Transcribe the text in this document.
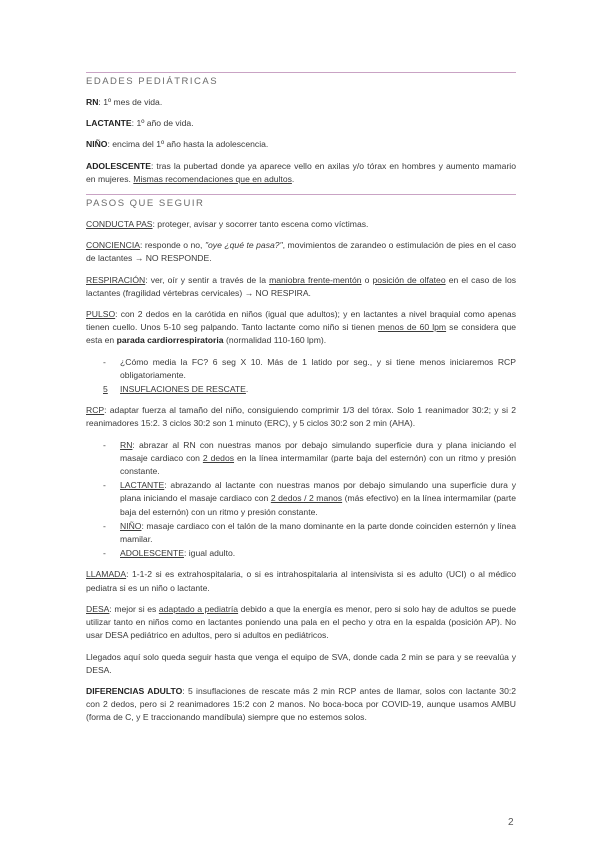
EDADES PEDIÁTRICAS

RN: 1º mes de vida.

LACTANTE: 1º año de vida.

NIÑO: encima del 1º año hasta la adolescencia.

ADOLESCENTE: tras la pubertad donde ya aparece vello en axilas y/o tórax en hombres y aumento mamario en mujeres. Mismas recomendaciones que en adultos.

PASOS QUE SEGUIR

CONDUCTA PAS: proteger, avisar y socorrer tanto escena como víctimas.

CONCIENCIA: responde o no, "oye ¿qué te pasa?", movimientos de zarandeo o estimulación de pies en el caso de lactantes → NO RESPONDE.

RESPIRACIÓN: ver, oír y sentir a través de la maniobra frente-mentón o posición de olfateo en el caso de los lactantes (fragilidad vértebras cervicales) → NO RESPIRA.

PULSO: con 2 dedos en la carótida en niños (igual que adultos); y en lactantes a nivel braquial como apenas tienen cuello. Unos 5-10 seg palpando. Tanto lactante como niño si tienen menos de 60 lpm se considera que esta en parada cardiorrespiratoria (normalidad 110-160 lpm).

- ¿Cómo media la FC? 6 seg X 10. Más de 1 latido por seg., y si tiene menos iniciaremos RCP obligatoriamente.
5 INSUFLACIONES DE RESCATE.

RCP: adaptar fuerza al tamaño del niño, consiguiendo comprimir 1/3 del tórax. Solo 1 reanimador 30:2; y si 2 reanimadores 15:2. 3 ciclos 30:2 son 1 minuto (ERC), y 5 ciclos 30:2 son 2 min (AHA).

- RN: abrazar al RN con nuestras manos por debajo simulando superficie dura y plana iniciando el masaje cardiaco con 2 dedos en la línea intermamilar (parte baja del esternón) con un ritmo y presión constante.
- LACTANTE: abrazando al lactante con nuestras manos por debajo simulando una superficie dura y plana iniciando el masaje cardiaco con 2 dedos / 2 manos (más efectivo) en la línea intermamilar (parte baja del esternón) con un ritmo y presión constante.
- NIÑO: masaje cardiaco con el talón de la mano dominante en la parte donde coinciden esternón y línea mamilar.
- ADOLESCENTE: igual adulto.

LLAMADA: 1-1-2 si es extrahospitalaria, o si es intrahospitalaria al intensivista si es adulto (UCI) o al médico pediatra si es un niño o lactante.

DESA: mejor si es adaptado a pediatría debido a que la energía es menor, pero si solo hay de adultos se puede utilizar tanto en niños como en lactantes poniendo una pala en el pecho y otra en la espalda (posición AP). No usar DESA pediátrico en adultos, pero si adultos en pediátricos.

Llegados aquí solo queda seguir hasta que venga el equipo de SVA, donde cada 2 min se para y se reevalúa y DESA.

DIFERENCIAS ADULTO: 5 insuflaciones de rescate más 2 min RCP antes de llamar, solos con lactante 30:2 con 2 dedos, pero si 2 reanimadores 15:2 con 2 manos. No boca-boca por COVID-19, aunque usamos AMBU (forma de C, y E traccionando mandíbula) siempre que no estemos solos.

2
